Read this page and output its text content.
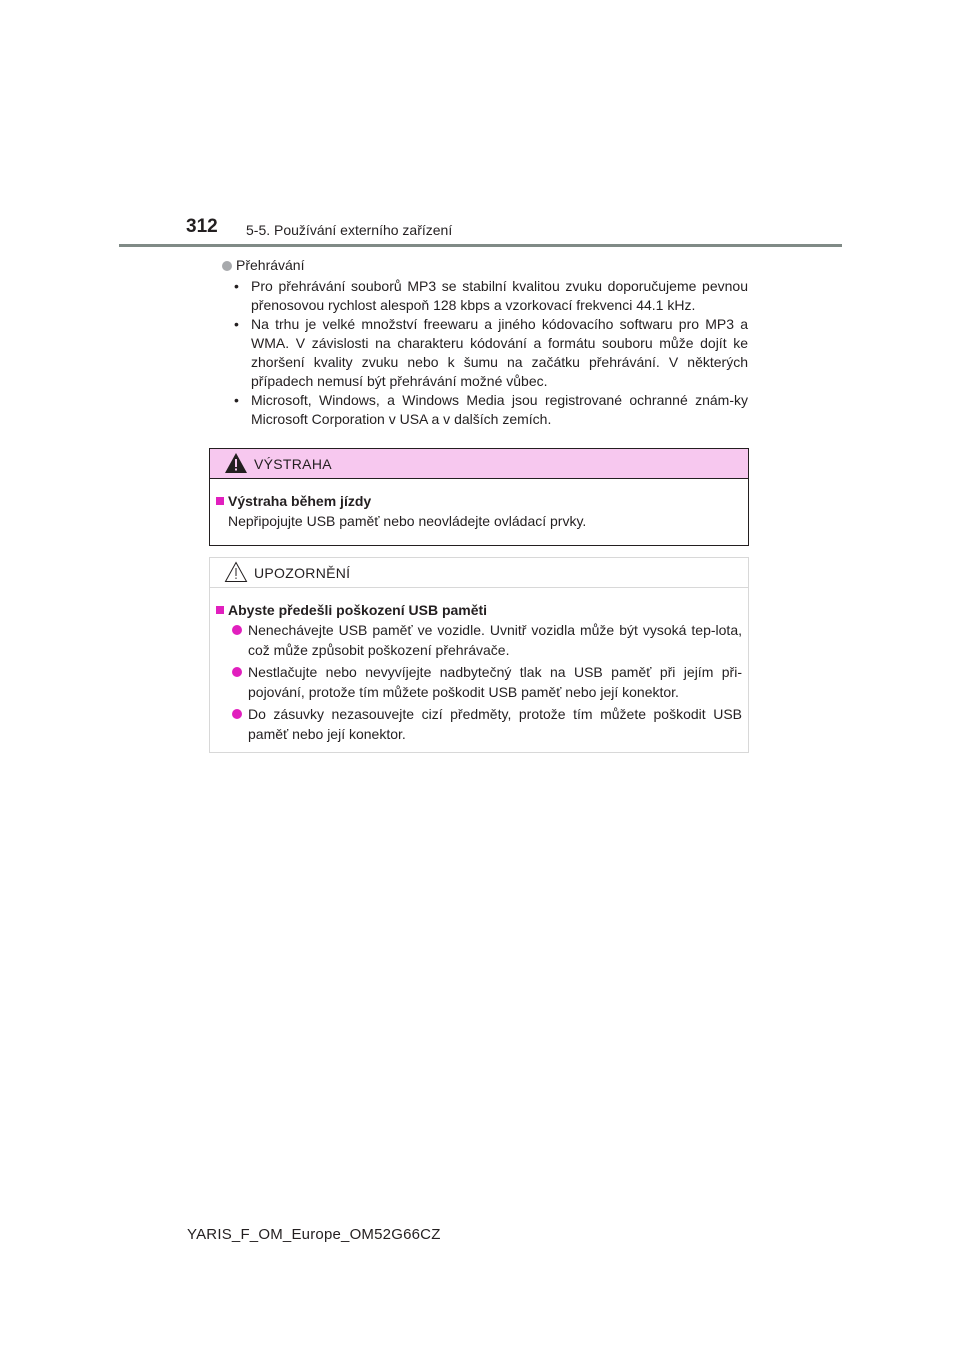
312 5-5. Používání externího zařízení
Přehrávání
• Pro přehrávání souborů MP3 se stabilní kvalitou zvuku doporučujeme pevnou přenosovou rychlost alespoň 128 kbps a vzorkovací frekvenci 44.1 kHz.
• Na trhu je velké množství freewaru a jiného kódovacího softwaru pro MP3 a WMA. V závislosti na charakteru kódování a formátu souboru může dojít ke zhoršení kvality zvuku nebo k šumu na začátku přehrávání. V některých případech nemusí být přehrávání možné vůbec.
• Microsoft, Windows, a Windows Media jsou registrované ochranné znám-ky Microsoft Corporation v USA a v dalších zemích.
VÝSTRAHA
Výstraha během jízdy
Nepřipojujte USB paměť nebo neovládejte ovládací prvky.
UPOZORNĚNÍ
Abyste předešli poškození USB paměti
Nenechávejte USB paměť ve vozidle. Uvnitř vozidla může být vysoká tep-lota, což může způsobit poškození přehrávače.
Nestlačujte nebo nevyvíjejte nadbytečný tlak na USB paměť při jejím při-pojování, protože tím můžete poškodit USB paměť nebo její konektor.
Do zásuvky nezasouvejte cizí předměty, protože tím můžete poškodit USB paměť nebo její konektor.
YARIS_F_OM_Europe_OM52G66CZ
